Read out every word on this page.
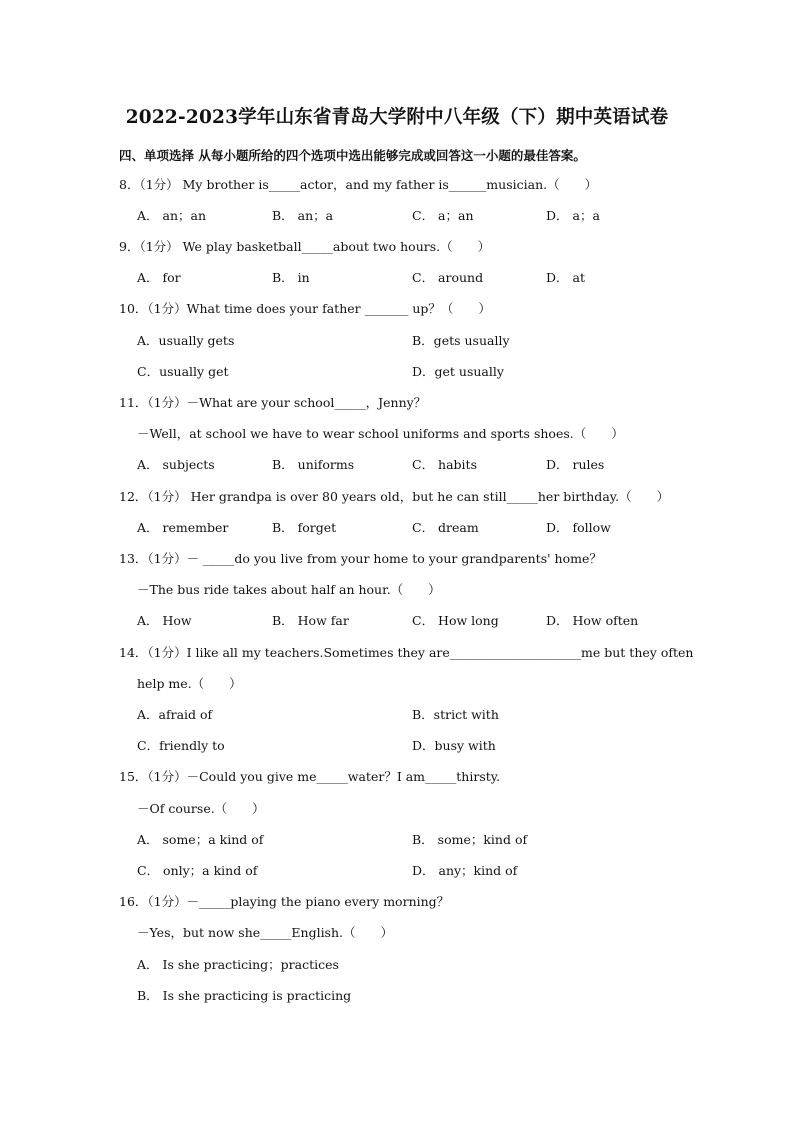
2022-2023学年山东省青岛大学附中八年级（下）期中英语试卷
四、单项选择 从每小题所给的四个选项中选出能够完成或回答这一小题的最佳答案。
8．（1分） My brother is_____actor，and my father is______musician.（　　）
A． an；an	B． an；a	C． a；an	D． a；a
9．（1分） We play basketball_____about two hours.（　　）
A． for	B． in	C． around	D． at
10．（1分）What time does your father _______ up？（　　）
A．usually gets	B．gets usually
C．usually get	D．get usually
11．（1分）－What are your school_____，Jenny？
－Well，at school we have to wear school uniforms and sports shoes.（　　）
A． subjects	B． uniforms	C． habits	D． rules
12．（1分） Her grandpa is over 80 years old，but he can still_____her birthday.（　　）
A． remember	B． forget	C． dream	D． follow
13．（1分）－ _____do you live from your home to your grandparents' home？
－The bus ride takes about half an hour.（　　）
A． How	B． How far	C． How long	D． How often
14．（1分）I like all my teachers.Sometimes they are_____________________me but they often
help me.（　　）
A．afraid of	B．strict with
C．friendly to	D．busy with
15．（1分）－Could you give me_____water？I am_____thirsty.
－Of course.（　　）
A． some；a kind of	B． some；kind of
C． only；a kind of	D． any；kind of
16．（1分）－_____playing the piano every morning？
－Yes，but now she_____English.（　　）
A． Is she practicing；practices
B． Is she practicing is practicing
